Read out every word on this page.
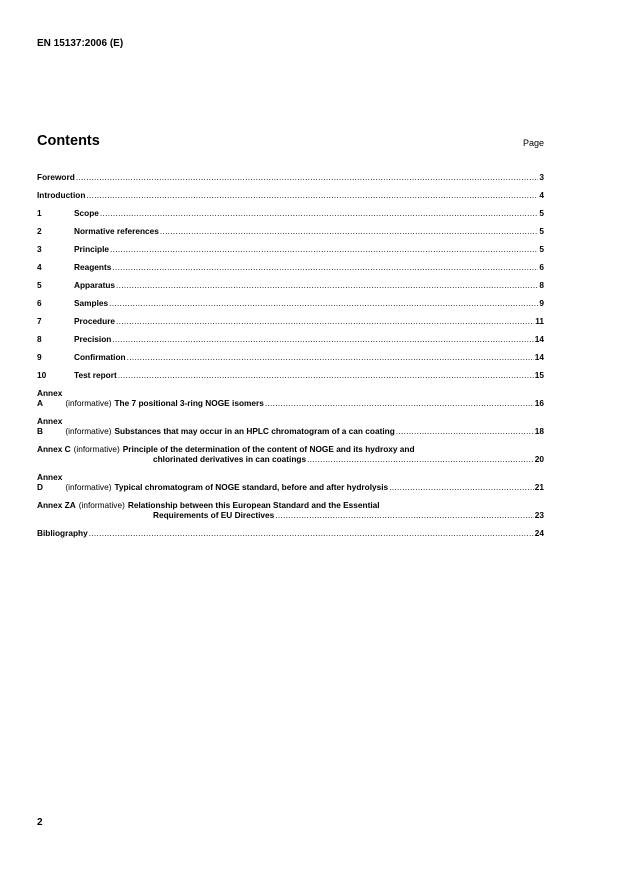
EN 15137:2006 (E)
Contents	Page
Foreword .....	3
Introduction .....	4
1	Scope .....	5
2	Normative references .....	5
3	Principle .....	5
4	Reagents .....	6
5	Apparatus .....	8
6	Samples .....	9
7	Procedure .....	11
8	Precision .....	14
9	Confirmation .....	14
10	Test report .....	15
Annex A	(informative) The 7 positional 3-ring NOGE isomers .....	16
Annex B	(informative) Substances that may occur in an HPLC chromatogram of a can coating .....	18
Annex C (informative) Principle of the determination of the content of NOGE and its hydroxy and
chlorinated derivatives in can coatings .....	20
Annex D	(informative) Typical chromatogram of NOGE standard, before and after hydrolysis .....	21
Annex ZA (informative) Relationship between this European Standard and the Essential
Requirements of EU Directives .....	23
Bibliography .....	24
2
